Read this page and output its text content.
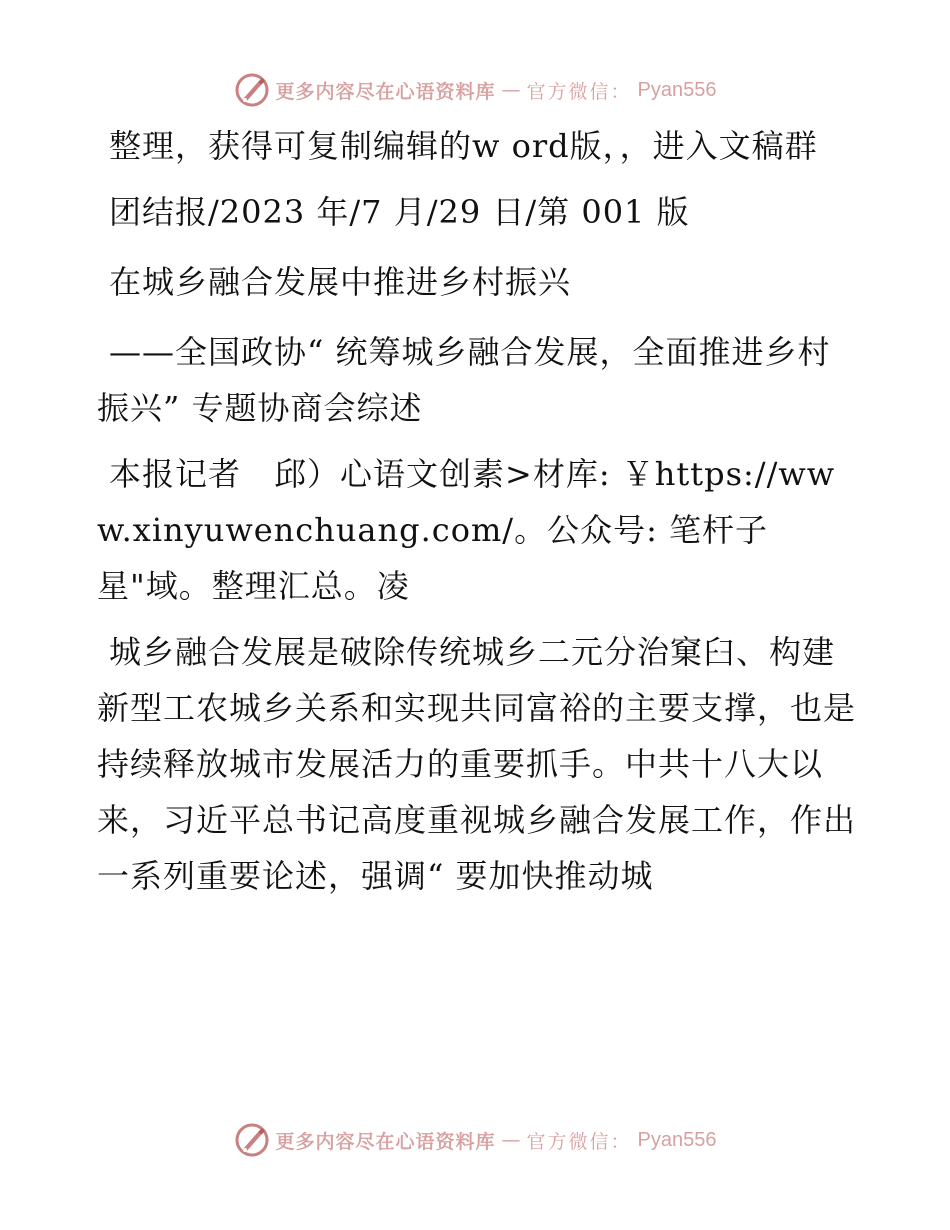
更多内容尽在心语资料库 — 官方微信： Pyan556

整理，获得可复制编辑的w ord版，，进入文稿群

团结报/2023 年/7 月/29 日/第 001 版

在城乡融合发展中推进乡村振兴

——全国政协“ 统筹城乡融合发展，全面推进乡村振兴” 专题协商会综述

本报记者　邱）心语文创素>材库: ￥https://www.xinyuwenchuang.com/。公众号: 笔杆子星"域。整理汇总。凌

城乡融合发展是破除传统城乡二元分治窠臼、构建新型工农城乡关系和实现共同富裕的主要支撑，也是持续释放城市发展活力的重要抓手。中共十八大以来，习近平总书记高度重视城乡融合发展工作，作出一系列重要论述，强调“ 要加快推动城

更多内容尽在心语资料库 — 官方微信： Pyan556
